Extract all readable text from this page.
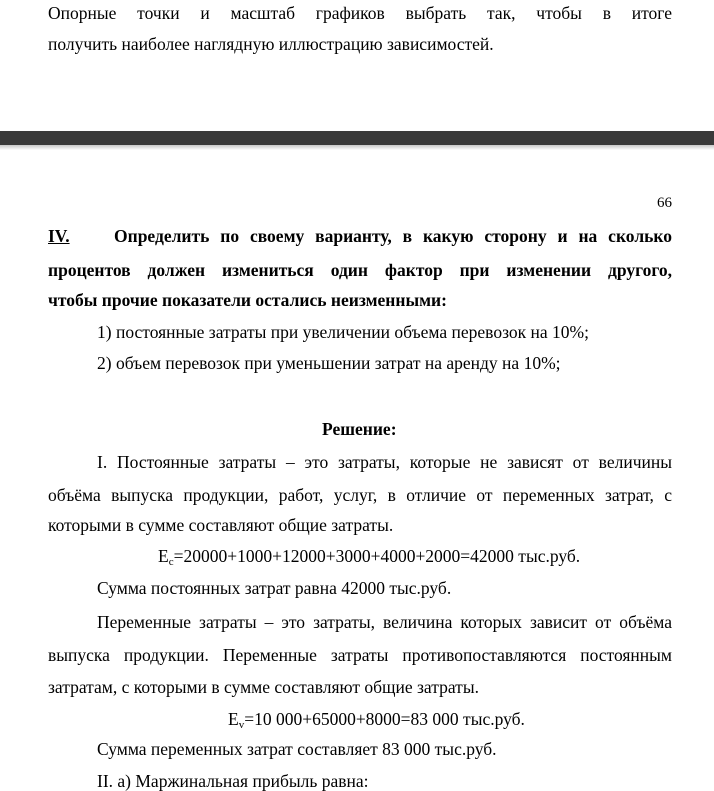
Опорные точки и масштаб графиков выбрать так, чтобы в итоге
получить наиболее наглядную иллюстрацию зависимостей.
66
IV.	Определить по своему варианту, в какую сторону и на сколько
процентов должен измениться один фактор при изменении другого,
чтобы прочие показатели остались неизменными:
1) постоянные затраты при увеличении объема перевозок на 10%;
2) объем перевозок при уменьшении затрат на аренду на 10%;
Решение:
I. Постоянные затраты – это затраты, которые не зависят от величины
объёма выпуска продукции, работ, услуг, в отличие от переменных затрат, с
которыми в сумме составляют общие затраты.
$E_c=20000+1000+12000+3000+4000+2000=42000$ тыс.руб.
Сумма постоянных затрат равна 42000 тыс.руб.
Переменные затраты – это затраты, величина которых зависит от объёма
выпуска продукции. Переменные затраты противопоставляются постоянным
затратам, с которыми в сумме составляют общие затраты.
$E_v=10$ 000+65000+8000=83 000 тыс.руб.
Сумма переменных затрат составляет 83 000 тыс.руб.
II. а) Маржинальная прибыль равна:
